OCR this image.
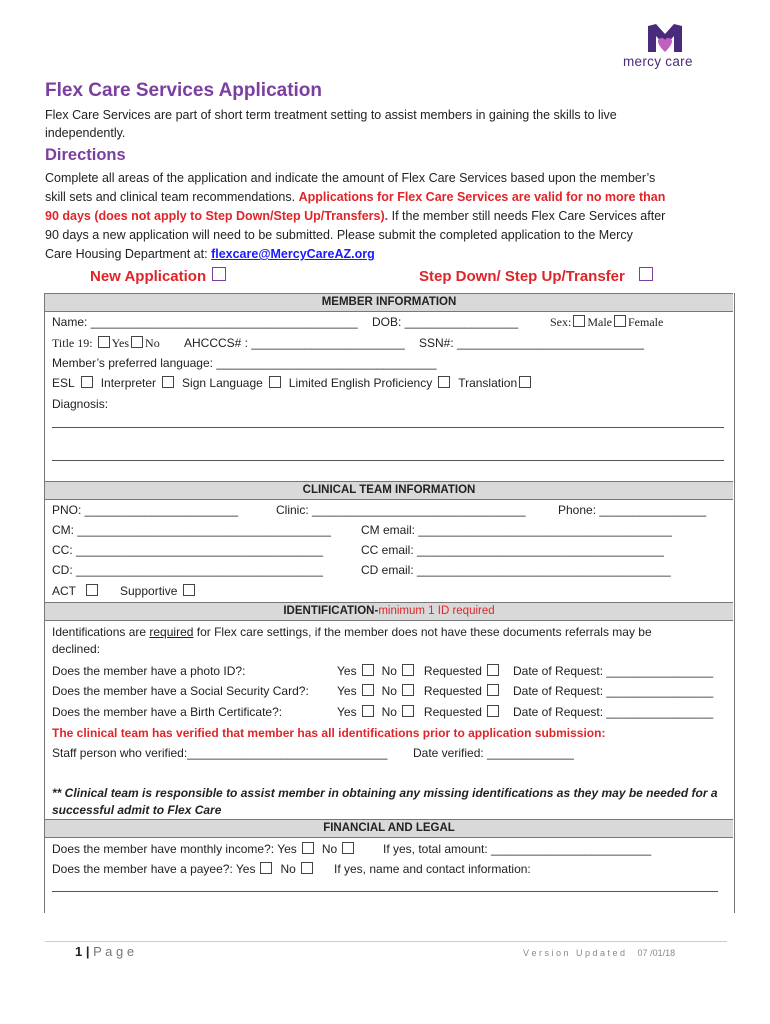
mercy care
Flex Care Services Application
Flex Care Services are part of short term treatment setting to assist members in gaining the skills to live
independently.
Directions
Complete all areas of the application and indicate the amount of Flex Care Services based upon the member’s
skill sets and clinical team recommendations. Applications for Flex Care Services are valid for no more than
90 days (does not apply to Step Down/Step Up/Transfers). If the member still needs Flex Care Services after
90 days a new application will need to be submitted. Please submit the completed application to the Mercy
Care Housing Department at: flexcare@MercyCareAZ.org
New Application	Step Down/ Step Up/Transfer
MEMBER INFORMATION
Name: ________________________________________ DOB: _________________	Sex: Male Female
Title 19: Yes No AHCCCS# : _______________________ SSN#: ____________________________
Member’s preferred language: _________________________________
ESL Interpreter Sign Language Limited English Proficiency Translation
Diagnosis:
CLINICAL TEAM INFORMATION
PNO: _______________________	Clinic: ________________________________	Phone: ________________
CM: ______________________________________	CM email: ______________________________________
CC: _____________________________________	CC email: _____________________________________
CD: _____________________________________	CD email: ______________________________________
ACT	Supportive
IDENTIFICATION-minimum 1 ID required
Identifications are required for Flex care settings, if the member does not have these documents referrals may be
declined:
Does the member have a photo ID?:	Yes No Requested	Date of Request: ________________
Does the member have a Social Security Card?: Yes No Requested	Date of Request: ________________
Does the member have a Birth Certificate?:	Yes No Requested	Date of Request: ________________
The clinical team has verified that member has all identifications prior to application submission:
Staff person who verified:______________________________ Date verified: _____________
** Clinical team is responsible to assist member in obtaining any missing identifications as they may be needed for a
successful admit to Flex Care
FINANCIAL AND LEGAL
Does the member have monthly income?: Yes No	If yes, total amount: ________________________
Does the member have a payee?: Yes No	If yes, name and contact information:
1 | P a g e	V e r s i o n   U p d a t e d     07 /01/18
